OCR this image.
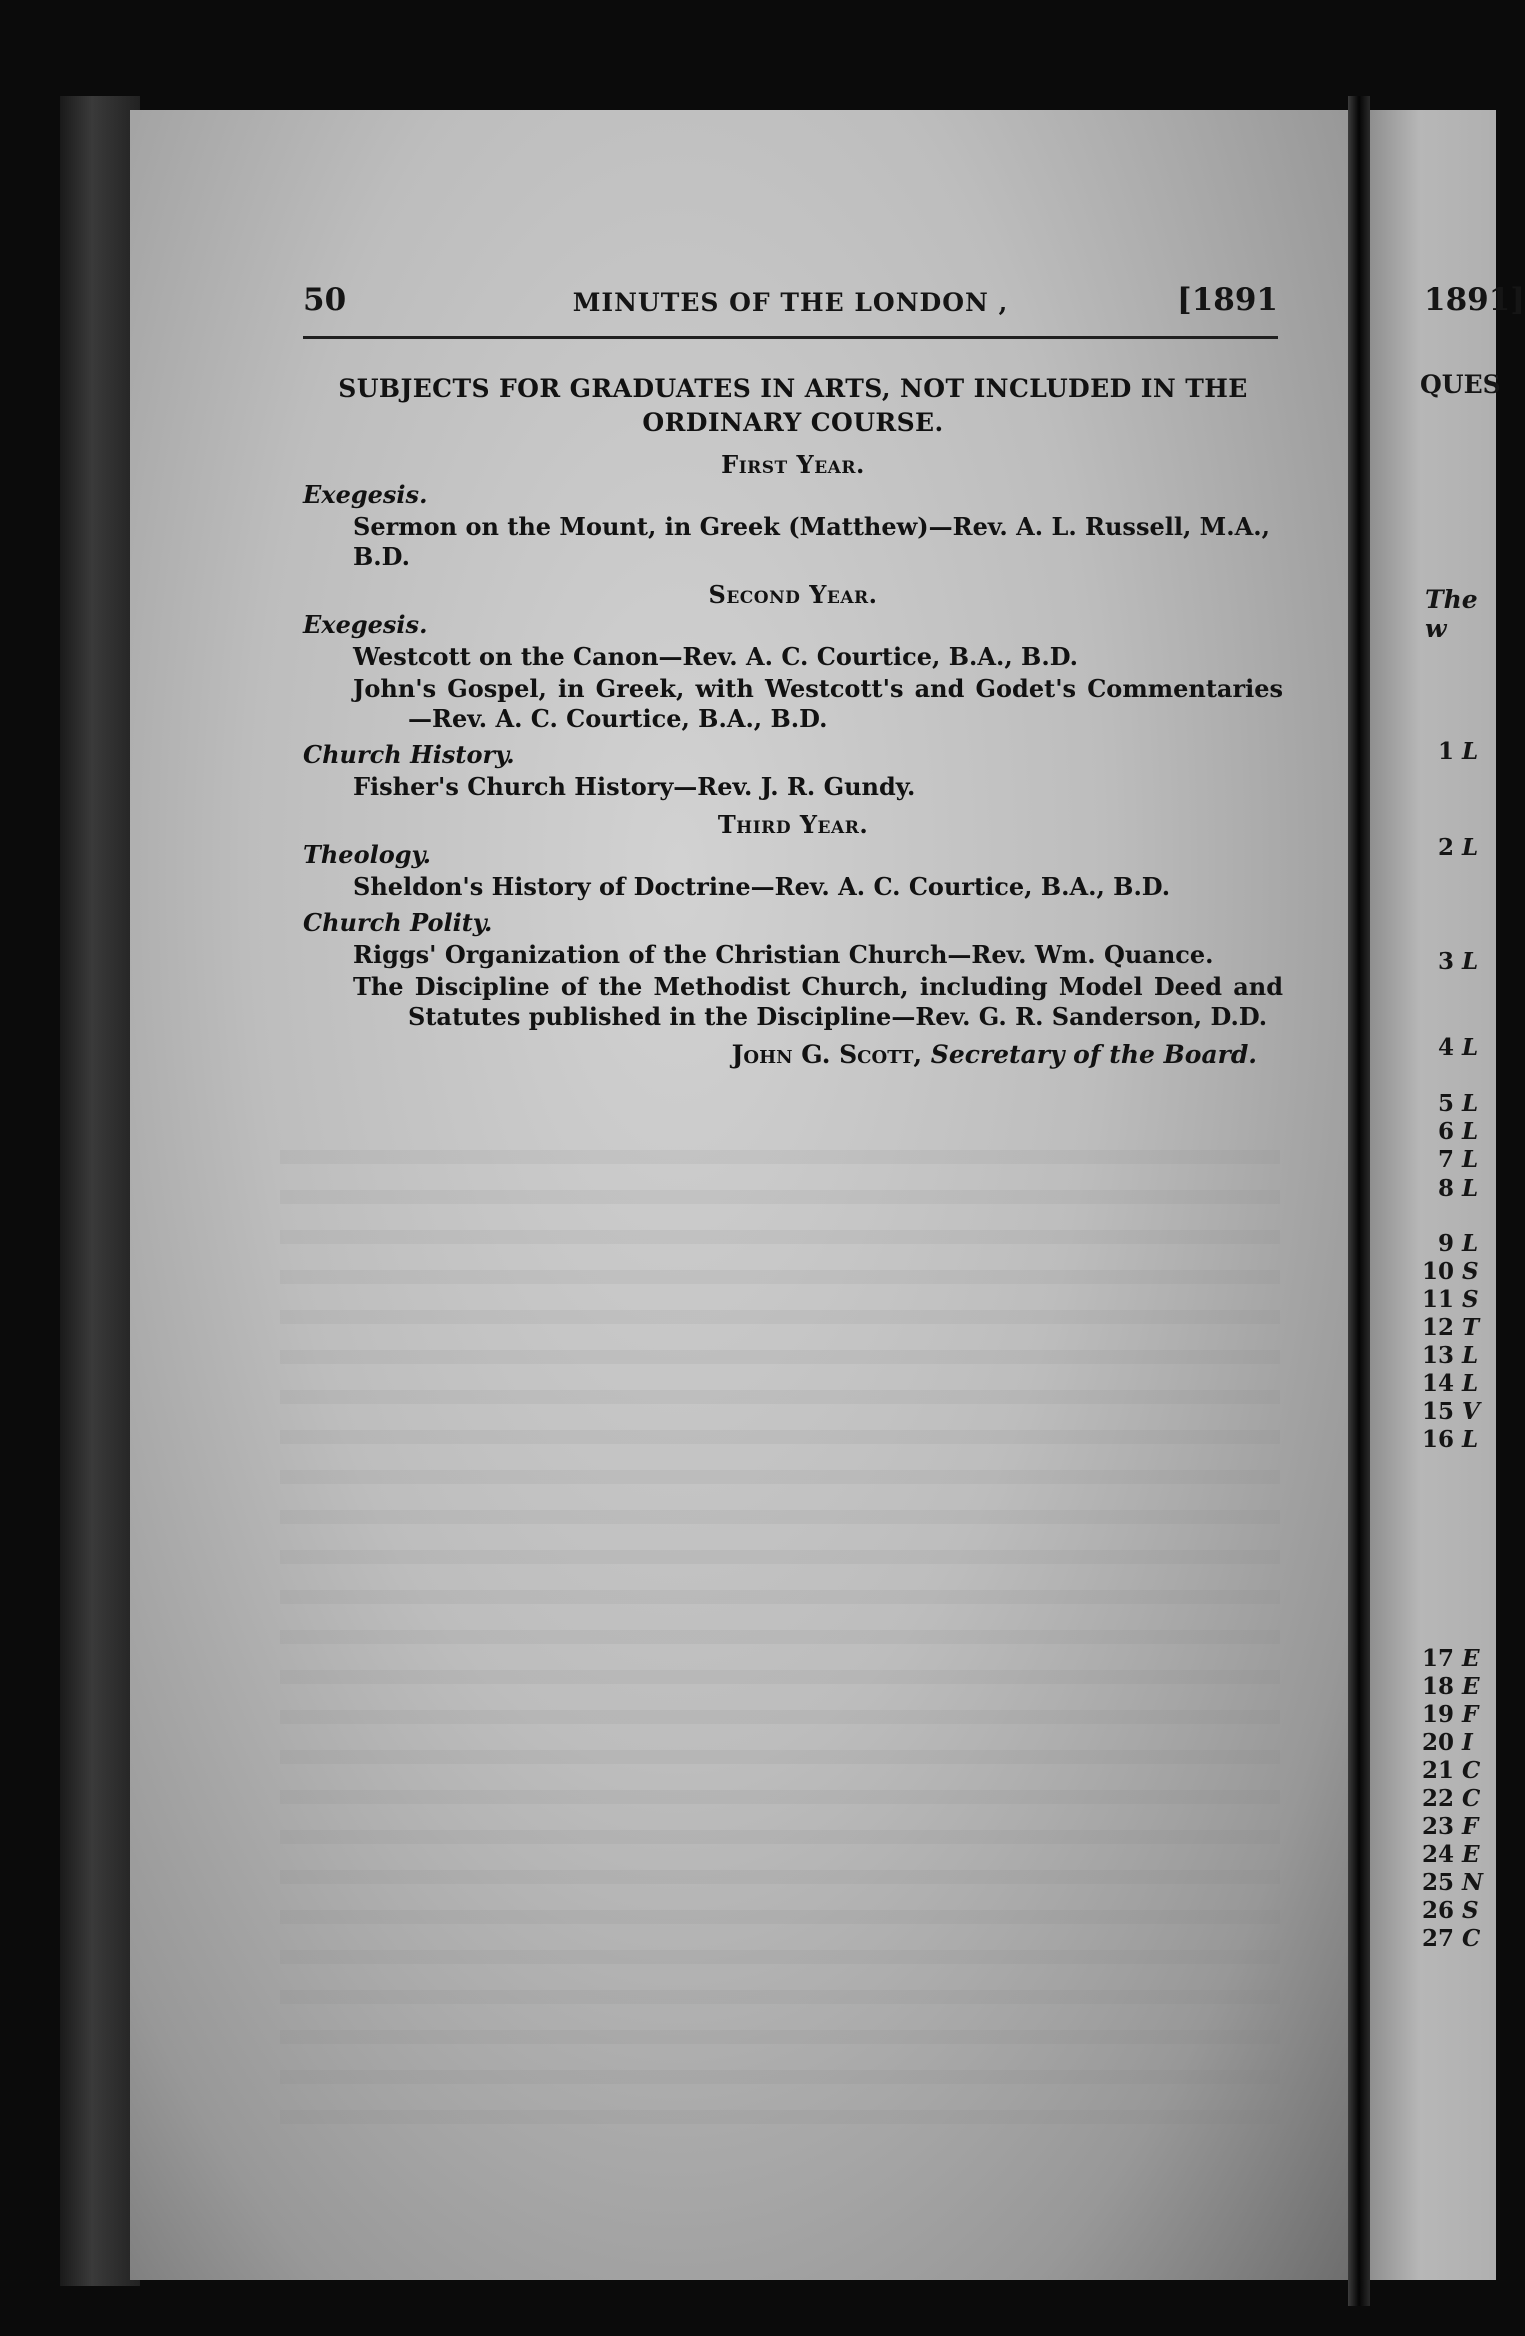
50	MINUTES OF THE LONDON ,	[1891
SUBJECTS FOR GRADUATES IN ARTS, NOT INCLUDED IN THE ORDINARY COURSE.
First Year.
Exegesis.
Sermon on the Mount, in Greek (Matthew)—Rev. A. L. Russell, M.A., B.D.
Second Year.
Exegesis.
Westcott on the Canon—Rev. A. C. Courtice, B.A., B.D.
John's Gospel, in Greek, with Westcott's and Godet's Commentaries—Rev. A. C. Courtice, B.A., B.D.
Church History.
Fisher's Church History—Rev. J. R. Gundy.
Third Year.
Theology.
Sheldon's History of Doctrine—Rev. A. C. Courtice, B.A., B.D.
Church Polity.
Riggs' Organization of the Christian Church—Rev. Wm. Quance.
The Discipline of the Methodist Church, including Model Deed and Statutes published in the Discipline—Rev. G. R. Sanderson, D.D.
John G. Scott, Secretary of the Board.
1891]
QUES
The w
1 L
2 L
3 L
4 L
5 L
6 L
7 L
8 L
9 L
10 S
11 S
12 T
13 L
14 L
15 V
16 L
17 E
18 E
19 F
20 I
21 C
22 C
23 F
24 E
25 N
26 S
27 C
